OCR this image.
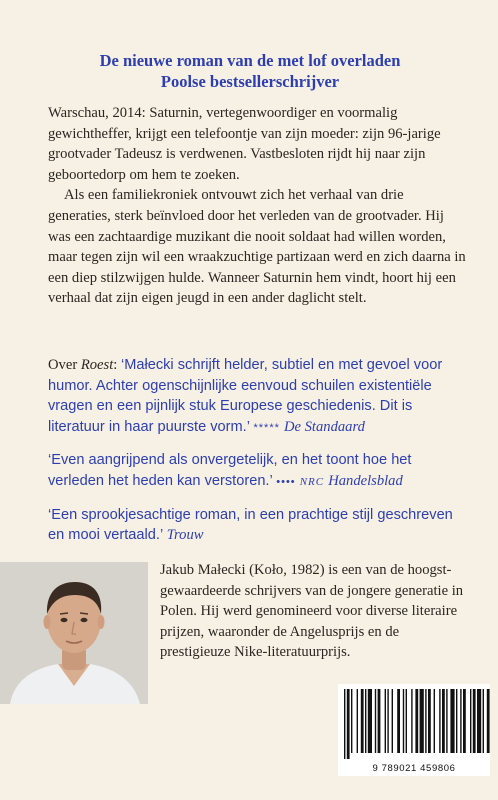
De nieuwe roman van de met lof overladen
Poolse bestsellerschrijver

Warschau, 2014: Saturnin, vertegenwoordiger en voormalig gewichtheffer, krijgt een telefoontje van zijn moeder: zijn 96-jarige grootvader Tadeusz is verdwenen. Vastbesloten rijdt hij naar zijn geboortedorp om hem te zoeken.

Als een familiekroniek ontvouwt zich het verhaal van drie generaties, sterk beïnvloed door het verleden van de grootvader. Hij was een zachtaardige muzikant die nooit soldaat had willen worden, maar tegen zijn wil een wraakzuchtige partizaan werd en zich daarna in een diep stilzwijgen hulde. Wanneer Saturnin hem vindt, hoort hij een verhaal dat zijn eigen jeugd in een ander daglicht stelt.

Over Roest: ‘Małecki schrijft helder, subtiel en met gevoel voor humor. Achter ogenschijnlijke eenvoud schuilen existentiële vragen en een pijnlijk stuk Europese geschiedenis. Dit is literatuur in haar puurste vorm.’ ***** De Standaard

‘Even aangrijpend als onvergetelijk, en het toont hoe het verleden het heden kan verstoren.’ •••• NRC Handelsblad

‘Een sprookjesachtige roman, in een prachtige stijl geschreven en mooi vertaald.’ Trouw

Jakub Małecki (Koło, 1982) is een van de hoogstgewaardeerde schrijvers van de jongere generatie in Polen. Hij werd genomineerd voor diverse literaire prijzen, waaronder de Angelusprijs en de prestigieuze Nike-literatuurprijs.
9 789021 459806
